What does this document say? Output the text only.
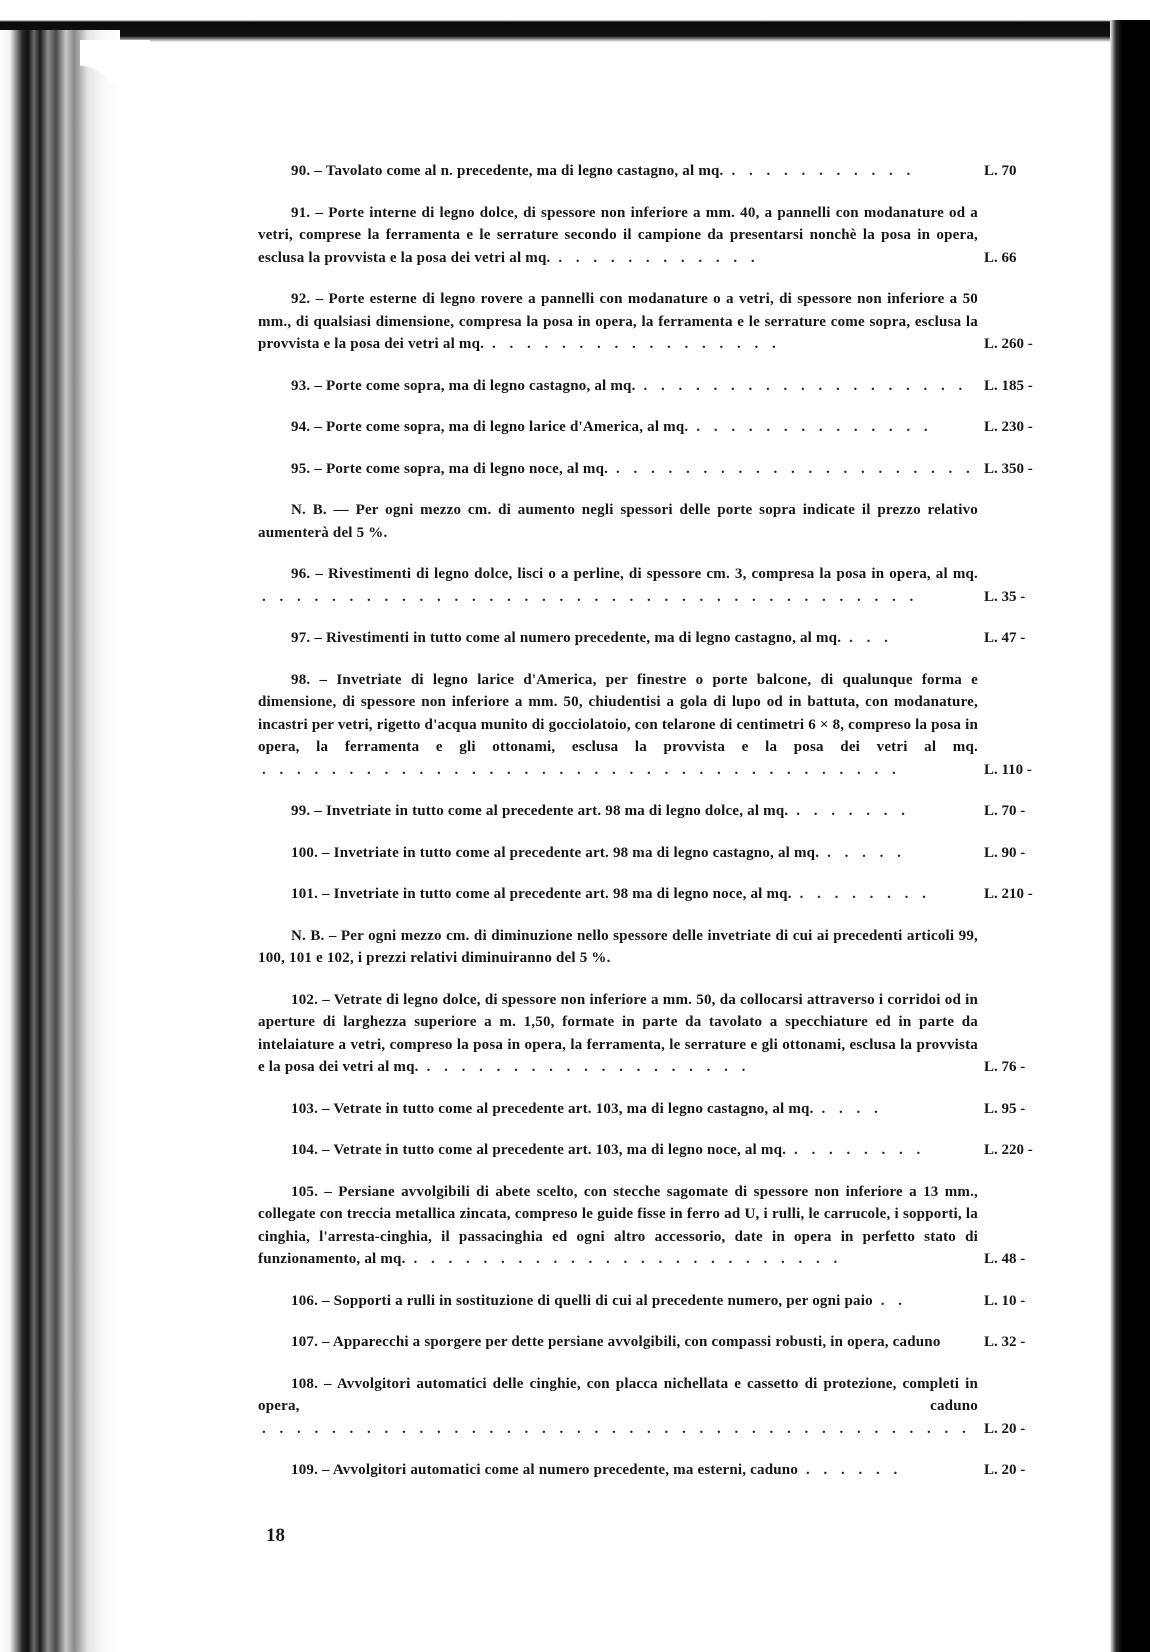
90. – Tavolato come al n. precedente, ma di legno castagno, al mq. . . . . . . . . . . .	L. 70

91. – Porte interne di legno dolce, di spessore non inferiore a mm. 40, a pannelli con modanature od a vetri, comprese la ferramenta e le serrature secondo il campione da presentarsi nonchè la posa in opera, esclusa la provvista e la posa dei vetri al mq. . . . . . . . . . . . .	L. 66

92. – Porte esterne di legno rovere a pannelli con modanature o a vetri, di spessore non inferiore a 50 mm., di qualsiasi dimensione, compresa la posa in opera, la ferramenta e le serrature come sopra, esclusa la provvista e la posa dei vetri al mq. . . . . . . . . . . . . . . . . .	L. 260 -

93. – Porte come sopra, ma di legno castagno, al mq. . . . . . . . . . . . . . . . . . . .	L. 185 -

94. – Porte come sopra, ma di legno larice d'America, al mq. . . . . . . . . . . . . . .	L. 230 -

95. – Porte come sopra, ma di legno noce, al mq. . . . . . . . . . . . . . . . . . . . . . L. 350 -

N. B. — Per ogni mezzo cm. di aumento negli spessori delle porte sopra indicate il prezzo relativo aumenterà del 5 %.

96. – Rivestimenti di legno dolce, lisci o a perline, di spessore cm. 3, compresa la posa in opera, al mq. . . . . . . . . . . . . . . . . . . . . . . . . . . . . . . . . . . . . . .	L. 35 -

97. – Rivestimenti in tutto come al numero precedente, ma di legno castagno, al mq. . . .	L. 47 -

98. – Invetriate di legno larice d'America, per finestre o porte balcone, di qualunque forma e dimensione, di spessore non inferiore a mm. 50, chiudentisi a gola di lupo od in battuta, con modanature, incastri per vetri, rigetto d'acqua munito di gocciolatoio, con telarone di centimetri 6 × 8, compreso la posa in opera, la ferramenta e gli ottonami, esclusa la provvista e la posa dei vetri al mq. . . . . . . . . . . . . . . . . . . . . . . . . . . . . . . . . . . . . .	L. 110 -

99. – Invetriate in tutto come al precedente art. 98 ma di legno dolce, al mq. . . . . . . .	L. 70 -

100. – Invetriate in tutto come al precedente art. 98 ma di legno castagno, al mq. . . . . .	L. 90 -

101. – Invetriate in tutto come al precedente art. 98 ma di legno noce, al mq. . . . . . . . .	L. 210 -

N. B. – Per ogni mezzo cm. di diminuzione nello spessore delle invetriate di cui ai precedenti articoli 99, 100, 101 e 102, i prezzi relativi diminuiranno del 5 %.

102. – Vetrate di legno dolce, di spessore non inferiore a mm. 50, da collocarsi attraverso i corridoi od in aperture di larghezza superiore a m. 1,50, formate in parte da tavolato a specchiature ed in parte da intelaiature a vetri, compreso la posa in opera, la ferramenta, le serrature e gli ottonami, esclusa la provvista e la posa dei vetri al mq. . . . . . . . . . . . . . . . . . . .	L. 76 -

103. – Vetrate in tutto come al precedente art. 103, ma di legno castagno, al mq. . . . .	L. 95 -

104. – Vetrate in tutto come al precedente art. 103, ma di legno noce, al mq. . . . . . . . .	L. 220 -

105. – Persiane avvolgibili di abete scelto, con stecche sagomate di spessore non inferiore a 13 mm., collegate con treccia metallica zincata, compreso le guide fisse in ferro ad U, i rulli, le carrucole, i sopporti, la cinghia, l'arresta-cinghia, il passacinghia ed ogni altro accessorio, date in opera in perfetto stato di funzionamento, al mq. . . . . . . . . . . . . . . . . . . . . . . . . .	L. 48 -

106. – Sopporti a rulli in sostituzione di quelli di cui al precedente numero, per ogni paio . .	L. 10 -

107. – Apparecchi a sporgere per dette persiane avvolgibili, con compassi robusti, in opera, caduno	L. 32 -

108. – Avvolgitori automatici delle cinghie, con placca nichellata e cassetto di protezione, completi in opera, caduno . . . . . . . . . . . . . . . . . . . . . . . . . . . . . . . . . . . . . . . . . L. 20 -

109. – Avvolgitori automatici come al numero precedente, ma esterni, caduno . . . . . .	L. 20 -
18
